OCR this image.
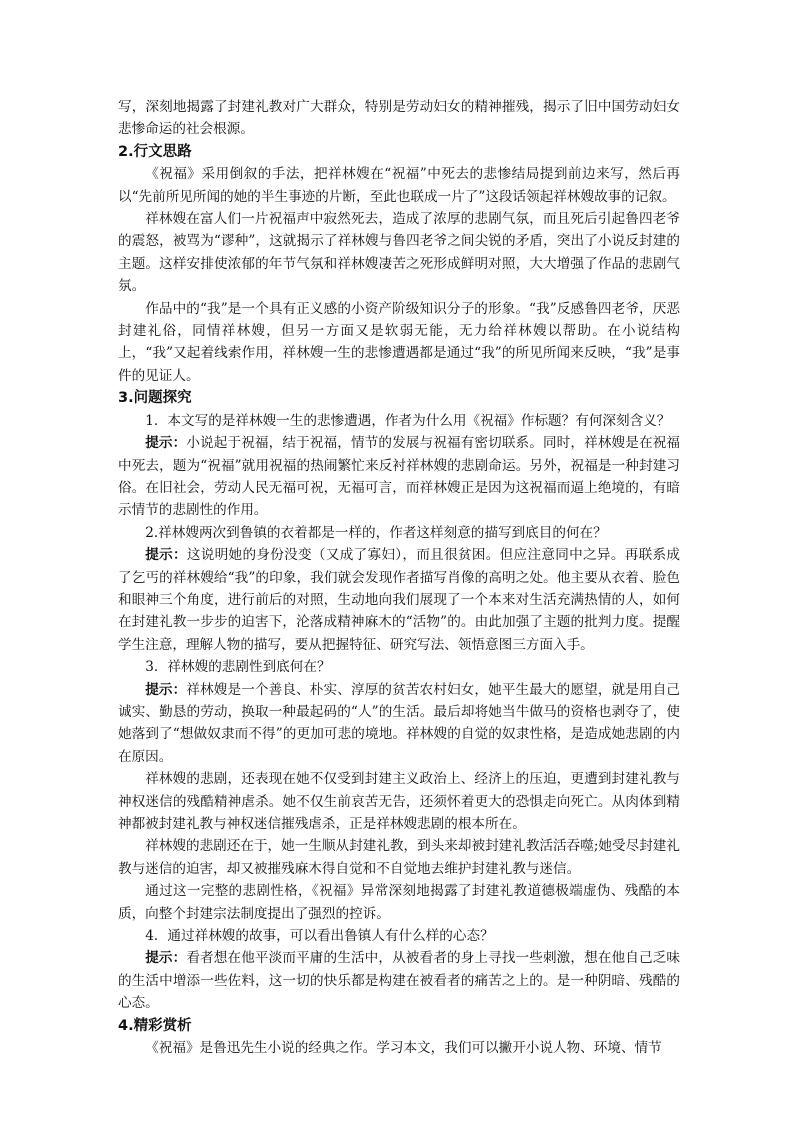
写，深刻地揭露了封建礼教对广大群众，特别是劳动妇女的精神摧残，揭示了旧中国劳动妇女悲惨命运的社会根源。

2.行文思路

《祝福》采用倒叙的手法，把祥林嫂在“祝福”中死去的悲惨结局提到前边来写，然后再以“先前所见所闻的她的半生事迹的片断，至此也联成一片了”这段话领起祥林嫂故事的记叙。

祥林嫂在富人们一片祝福声中寂然死去，造成了浓厚的悲剧气氛，而且死后引起鲁四老爷的震怒，被骂为“谬种”，这就揭示了祥林嫂与鲁四老爷之间尖锐的矛盾，突出了小说反封建的主题。这样安排使浓郁的年节气氛和祥林嫂凄苦之死形成鲜明对照，大大增强了作品的悲剧气氛。

作品中的“我”是一个具有正义感的小资产阶级知识分子的形象。“我”反感鲁四老爷，厌恶封建礼俗，同情祥林嫂，但另一方面又是软弱无能，无力给祥林嫂以帮助。在小说结构上，“我”又起着线索作用，祥林嫂一生的悲惨遭遇都是通过“我”的所见所闻来反映，“我”是事件的见证人。

3.问题探究

1．本文写的是祥林嫂一生的悲惨遭遇，作者为什么用《祝福》作标题？有何深刻含义？

提示：小说起于祝福，结于祝福，情节的发展与祝福有密切联系。同时，祥林嫂是在祝福中死去，题为“祝福”就用祝福的热闹繁忙来反衬祥林嫂的悲剧命运。另外，祝福是一种封建习俗。在旧社会，劳动人民无福可祝，无福可言，而祥林嫂正是因为这祝福而逼上绝境的，有暗示情节的悲剧性的作用。

2.祥林嫂两次到鲁镇的衣着都是一样的，作者这样刻意的描写到底目的何在？

提示：这说明她的身份没变（又成了寡妇），而且很贫困。但应注意同中之异。再联系成了乞丐的祥林嫂给“我”的印象，我们就会发现作者描写肖像的高明之处。他主要从衣着、脸色和眼神三个角度，进行前后的对照，生动地向我们展现了一个本来对生活充满热情的人，如何在封建礼教一步步的迫害下，沦落成精神麻木的“活物”的。由此加强了主题的批判力度。提醒学生注意，理解人物的描写，要从把握特征、研究写法、领悟意图三方面入手。

3．祥林嫂的悲剧性到底何在？

提示：祥林嫂是一个善良、朴实、淳厚的贫苦农村妇女，她平生最大的愿望，就是用自己诚实、勤恳的劳动，换取一种最起码的“人”的生活。最后却将她当牛做马的资格也剥夺了，使她落到了“想做奴隶而不得”的更加可悲的境地。祥林嫂的自觉的奴隶性格，是造成她悲剧的内在原因。

祥林嫂的悲剧，还表现在她不仅受到封建主义政治上、经济上的压迫，更遭到封建礼教与神权迷信的残酷精神虐杀。她不仅生前哀苦无告，还须怀着更大的恐惧走向死亡。从肉体到精神都被封建礼教与神权迷信摧残虐杀，正是祥林嫂悲剧的根本所在。

祥林嫂的悲剧还在于，她一生顺从封建礼教，到头来却被封建礼教活活吞噬;她受尽封建礼教与迷信的迫害，却又被摧残麻木得自觉和不自觉地去维护封建礼教与迷信。

通过这一完整的悲剧性格，《祝福》异常深刻地揭露了封建礼教道德极端虚伪、残酷的本质，向整个封建宗法制度提出了强烈的控诉。

4．通过祥林嫂的故事，可以看出鲁镇人有什么样的心态？

提示：看者想在他平淡而平庸的生活中，从被看者的身上寻找一些刺激，想在他自己乏味的生活中增添一些佐料，这一切的快乐都是构建在被看者的痛苦之上的。是一种阴暗、残酷的心态。

4.精彩赏析

《祝福》是鲁迅先生小说的经典之作。学习本文，我们可以撇开小说人物、环境、情节
